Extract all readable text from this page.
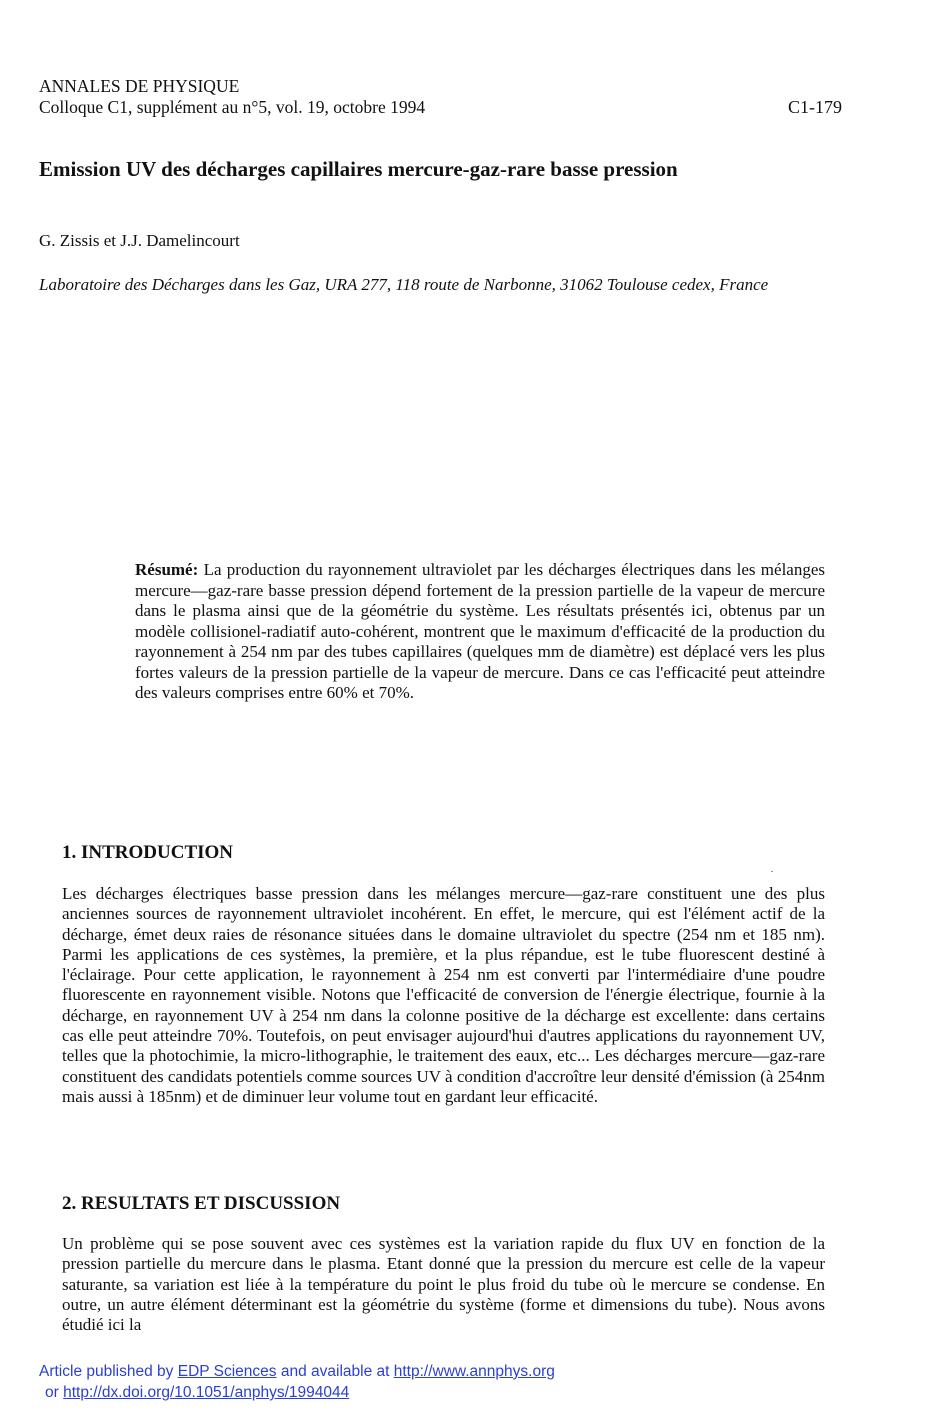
ANNALES DE PHYSIQUE
Colloque C1, supplément au n°5, vol. 19, octobre 1994	C1-179
Emission UV des décharges capillaires mercure-gaz-rare basse pression
G. Zissis et J.J. Damelincourt
Laboratoire des Décharges dans les Gaz, URA 277, 118 route de Narbonne, 31062 Toulouse cedex, France
Résumé: La production du rayonnement ultraviolet par les décharges électriques dans les mélanges mercure—gaz-rare basse pression dépend fortement de la pression partielle de la vapeur de mercure dans le plasma ainsi que de la géométrie du système. Les résultats présentés ici, obtenus par un modèle collisionel-radiatif auto-cohérent, montrent que le maximum d'efficacité de la production du rayonnement à 254 nm par des tubes capillaires (quelques mm de diamètre) est déplacé vers les plus fortes valeurs de la pression partielle de la vapeur de mercure. Dans ce cas l'efficacité peut atteindre des valeurs comprises entre 60% et 70%.
1. INTRODUCTION
Les décharges électriques basse pression dans les mélanges mercure—gaz-rare constituent une des plus anciennes sources de rayonnement ultraviolet incohérent. En effet, le mercure, qui est l'élément actif de la décharge, émet deux raies de résonance situées dans le domaine ultraviolet du spectre (254 nm et 185 nm). Parmi les applications de ces systèmes, la première, et la plus répandue, est le tube fluorescent destiné à l'éclairage. Pour cette application, le rayonnement à 254 nm est converti par l'intermédiaire d'une poudre fluorescente en rayonnement visible. Notons que l'efficacité de conversion de l'énergie électrique, fournie à la décharge, en rayonnement UV à 254 nm dans la colonne positive de la décharge est excellente: dans certains cas elle peut atteindre 70%. Toutefois, on peut envisager aujourd'hui d'autres applications du rayonnement UV, telles que la photochimie, la micro-lithographie, le traitement des eaux, etc... Les décharges mercure—gaz-rare constituent des candidats potentiels comme sources UV à condition d'accroître leur densité d'émission (à 254nm mais aussi à 185nm) et de diminuer leur volume tout en gardant leur efficacité.
2. RESULTATS ET DISCUSSION
Un problème qui se pose souvent avec ces systèmes est la variation rapide du flux UV en fonction de la pression partielle du mercure dans le plasma. Etant donné que la pression du mercure est celle de la vapeur saturante, sa variation est liée à la température du point le plus froid du tube où le mercure se condense. En outre, un autre élément déterminant est la géométrie du système (forme et dimensions du tube). Nous avons étudié ici la
Article published by EDP Sciences and available at http://www.annphys.org
or http://dx.doi.org/10.1051/anphys/1994044
